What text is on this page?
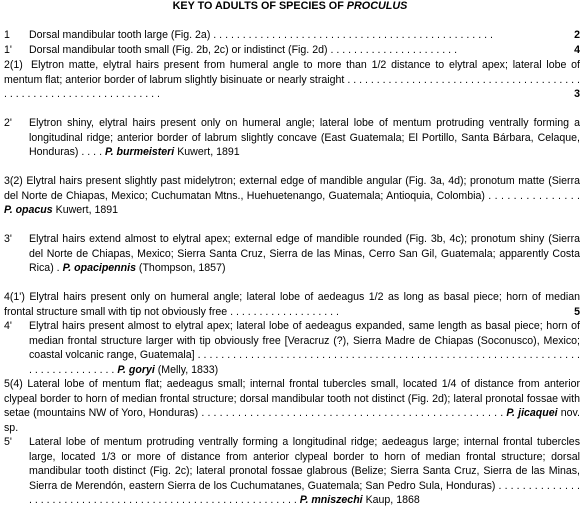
KEY TO ADULTS OF SPECIES OF PROCULUS
1	2
Dorsal mandibular tooth large (Fig. 2a) . . . . . . . . . . . . . . . . . . . . . . . . . . . . . . . . . . . . . . . . . . . . . . . .
1'	4
Dorsal mandibular tooth small (Fig. 2b, 2c) or indistinct (Fig. 2d) . . . . . . . . . . . . . . . . . . . . . .
2(1)
3
Elytron matte, elytral hairs present from humeral angle to more than 1/2 distance to elytral apex; lateral lobe of mentum flat; anterior border of labrum slightly bisinuate or nearly straight . . . . . . . . . . . . . . . . . . . . . . . . . . . . . . . . . . . . . . . . . . . . . . . . . . . . . . . . . . . . . . . . . . .
2' Elytron shiny, elytral hairs present only on humeral angle; lateral lobe of mentum protruding ventrally forming a longitudinal ridge; anterior border of labrum slightly concave (East Guatemala; El Portillo, Santa Bárbara, Celaque, Honduras) . . . . P. burmeisteri Kuwert, 1891
3(2) Elytral hairs present slightly past midelytron; external edge of mandible angular (Fig. 3a, 4d); pronotum matte (Sierra del Norte de Chiapas, Mexico; Cuchumatan Mtns., Huehuetenango, Guatemala; Antioquia, Colombia) . . . . . . . . . . . . . . . P. opacus Kuwert, 1891
3' Elytral hairs extend almost to elytral apex; external edge of mandible rounded (Fig. 3b, 4c); pronotum shiny (Sierra del Norte de Chiapas, Mexico; Sierra Santa Cruz, Sierra de las Minas, Cerro San Gil, Guatemala; apparently Costa Rica) . P. opacipennis (Thompson, 1857)
5
4(1') Elytral hairs present only on humeral angle; lateral lobe of aedeagus 1/2 as long as basal piece; horn of median frontal structure small with tip not obviously free . . . . . . . . . . . . . . . . . . .
4' Elytral hairs present almost to elytral apex; lateral lobe of aedeagus expanded, same length as basal piece; horn of median frontal structure larger with tip obviously free [Veracruz (?), Sierra Madre de Chiapas (Soconusco), Mexico; coastal volcanic range, Guatemala] . . . . . . . . . . . . . . . . . . . . . . . . . . . . . . . . . . . . . . . . . . . . . . . . . . . . . . . . . . . . . . . . . . . . . . . . . . . . . . . . P. goryi (Melly, 1833)
5(4) Lateral lobe of mentum flat; aedeagus small; internal frontal tubercles small, located 1/4 of distance from anterior clypeal border to horn of median frontal structure; dorsal mandibular tooth not distinct (Fig. 2d); lateral pronotal fossae with setae (mountains NW of Yoro, Honduras) . . . . . . . . . . . . . . . . . . . . . . . . . . . . . . . . . . . . . . . . . . . . . . . . . . P. jicaquei nov. sp.
5' Lateral lobe of mentum protruding ventrally forming a longitudinal ridge; aedeagus large; internal frontal tubercles large, located 1/3 or more of distance from anterior clypeal border to horn of median frontal structure; dorsal mandibular tooth distinct (Fig. 2c); lateral pronotal fossae glabrous (Belize; Sierra Santa Cruz, Sierra de las Minas, Sierra de Merendón, eastern Sierra de los Cuchumatanes, Guatemala; San Pedro Sula, Honduras) . . . . . . . . . . . . . . . . . . . . . . . . . . . . . . . . . . . . . . . . . . . . . . . . . . . . . . . . . . . . P. mniszechi Kaup, 1868
